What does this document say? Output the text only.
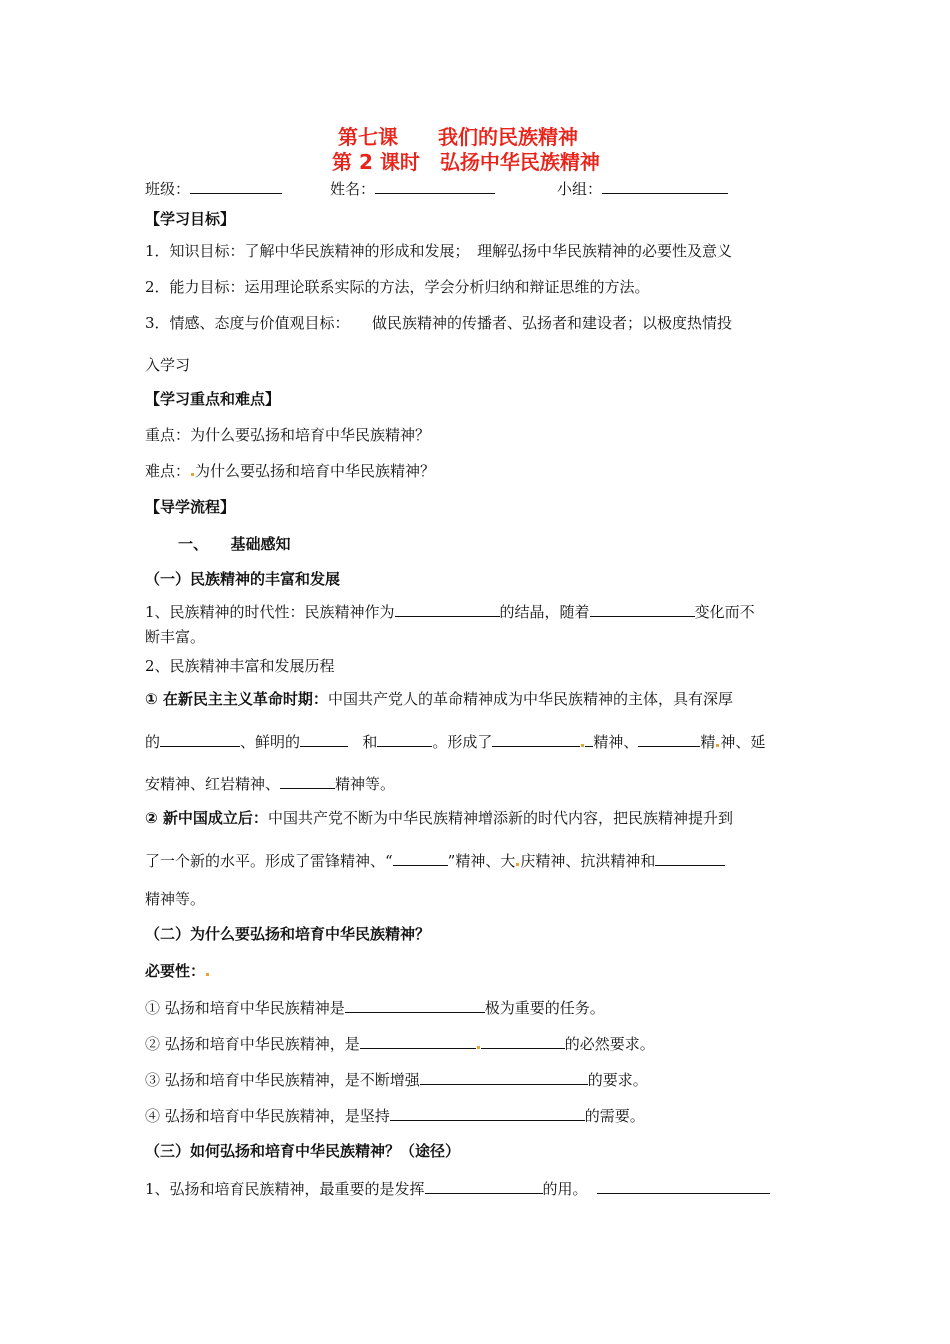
第七课　　我们的民族精神
第 2 课时　弘扬中华民族精神
班级：	姓名：	小组：
【学习目标】
1．知识目标：了解中华民族精神的形成和发展；　理解弘扬中华民族精神的必要性及意义
2．能力目标：运用理论联系实际的方法，学会分析归纳和辩证思维的方法。
3．情感、态度与价值观目标：　　做民族精神的传播者、弘扬者和建设者；以极度热情投
入学习
【学习重点和难点】
重点：为什么要弘扬和培育中华民族精神？
难点： 为什么要弘扬和培育中华民族精神？
【导学流程】
一、　　基础感知
（一）民族精神的丰富和发展
1、民族精神的时代性：民族精神作为	的结晶，随着	变化而不
断丰富。
2、民族精神丰富和发展历程
① 在新民主主义革命时期：中国共产党人的革命精神成为中华民族精神的主体，具有深厚
的	、鲜明的	和	。形成了	精神、	精 神、延
安精神、红岩精神、	精神等。
② 新中国成立后：中国共产党不断为中华民族精神增添新的时代内容，把民族精神提升到
了一个新的水平。形成了雷锋精神、“	”精神、大 庆精神、抗洪精神和
精神等。
（二）为什么要弘扬和培育中华民族精神？
必要性：
① 弘扬和培育中华民族精神是	极为重要的任务。
② 弘扬和培育中华民族精神，是	的必然要求。
③ 弘扬和培育中华民族精神，是不断增强	的要求。
④ 弘扬和培育中华民族精神，是坚持	的需要。
（三）如何弘扬和培育中华民族精神？（途径）
1、弘扬和培育民族精神，最重要的是发挥	的用。
